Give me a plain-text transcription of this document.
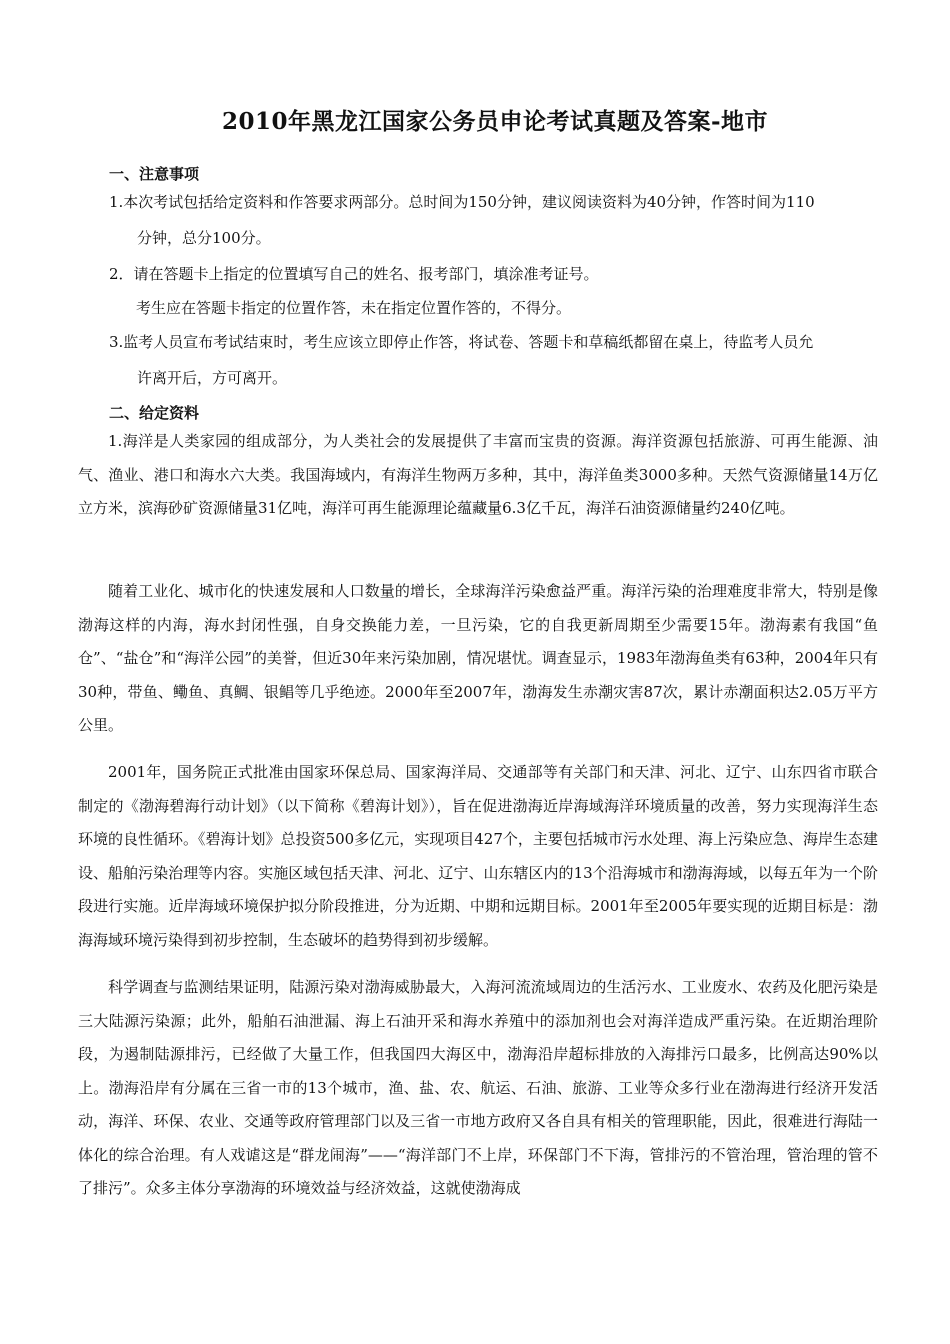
2010年黑龙江国家公务员申论考试真题及答案-地市
一、注意事项
1.本次考试包括给定资料和作答要求两部分。总时间为150分钟，建议阅读资料为40分钟，作答时间为110
分钟，总分100分。
2．请在答题卡上指定的位置填写自己的姓名、报考部门，填涂准考证号。
考生应在答题卡指定的位置作答，未在指定位置作答的，不得分。
3.监考人员宣布考试结束时，考生应该立即停止作答，将试卷、答题卡和草稿纸都留在桌上，待监考人员允
许离开后，方可离开。
二、给定资料
1.海洋是人类家园的组成部分，为人类社会的发展提供了丰富而宝贵的资源。海洋资源包括旅游、可再生能源、油气、渔业、港口和海水六大类。我国海域内，有海洋生物两万多种，其中，海洋鱼类3000多种。天然气资源储量14万亿立方米，滨海砂矿资源储量31亿吨，海洋可再生能源理论蕴藏量6.3亿千瓦，海洋石油资源储量约240亿吨。
随着工业化、城市化的快速发展和人口数量的增长，全球海洋污染愈益严重。海洋污染的治理难度非常大，特别是像渤海这样的内海，海水封闭性强，自身交换能力差，一旦污染，它的自我更新周期至少需要15年。渤海素有我国“鱼仓”、“盐仓”和“海洋公园”的美誉，但近30年来污染加剧，情况堪忧。调查显示，1983年渤海鱼类有63种，2004年只有30种，带鱼、鳓鱼、真鲷、银鲳等几乎绝迹。2000年至2007年，渤海发生赤潮灾害87次，累计赤潮面积达2.05万平方公里。
2001年，国务院正式批准由国家环保总局、国家海洋局、交通部等有关部门和天津、河北、辽宁、山东四省市联合制定的《渤海碧海行动计划》（以下简称《碧海计划》），旨在促进渤海近岸海域海洋环境质量的改善，努力实现海洋生态环境的良性循环。《碧海计划》总投资500多亿元，实现项目427个，主要包括城市污水处理、海上污染应急、海岸生态建设、船舶污染治理等内容。实施区域包括天津、河北、辽宁、山东辖区内的13个沿海城市和渤海海域，以每五年为一个阶段进行实施。近岸海域环境保护拟分阶段推进，分为近期、中期和远期目标。2001年至2005年要实现的近期目标是：渤海海域环境污染得到初步控制，生态破坏的趋势得到初步缓解。
科学调查与监测结果证明，陆源污染对渤海威胁最大，入海河流流域周边的生活污水、工业废水、农药及化肥污染是三大陆源污染源；此外，船舶石油泄漏、海上石油开采和海水养殖中的添加剂也会对海洋造成严重污染。在近期治理阶段，为遏制陆源排污，已经做了大量工作，但我国四大海区中，渤海沿岸超标排放的入海排污口最多，比例高达90%以上。渤海沿岸有分属在三省一市的13个城市，渔、盐、农、航运、石油、旅游、工业等众多行业在渤海进行经济开发活动，海洋、环保、农业、交通等政府管理部门以及三省一市地方政府又各自具有相关的管理职能，因此，很难进行海陆一体化的综合治理。有人戏谑这是“群龙闹海”——“海洋部门不上岸，环保部门不下海，管排污的不管治理，管治理的管不了排污”。众多主体分享渤海的环境效益与经济效益，这就使渤海成
